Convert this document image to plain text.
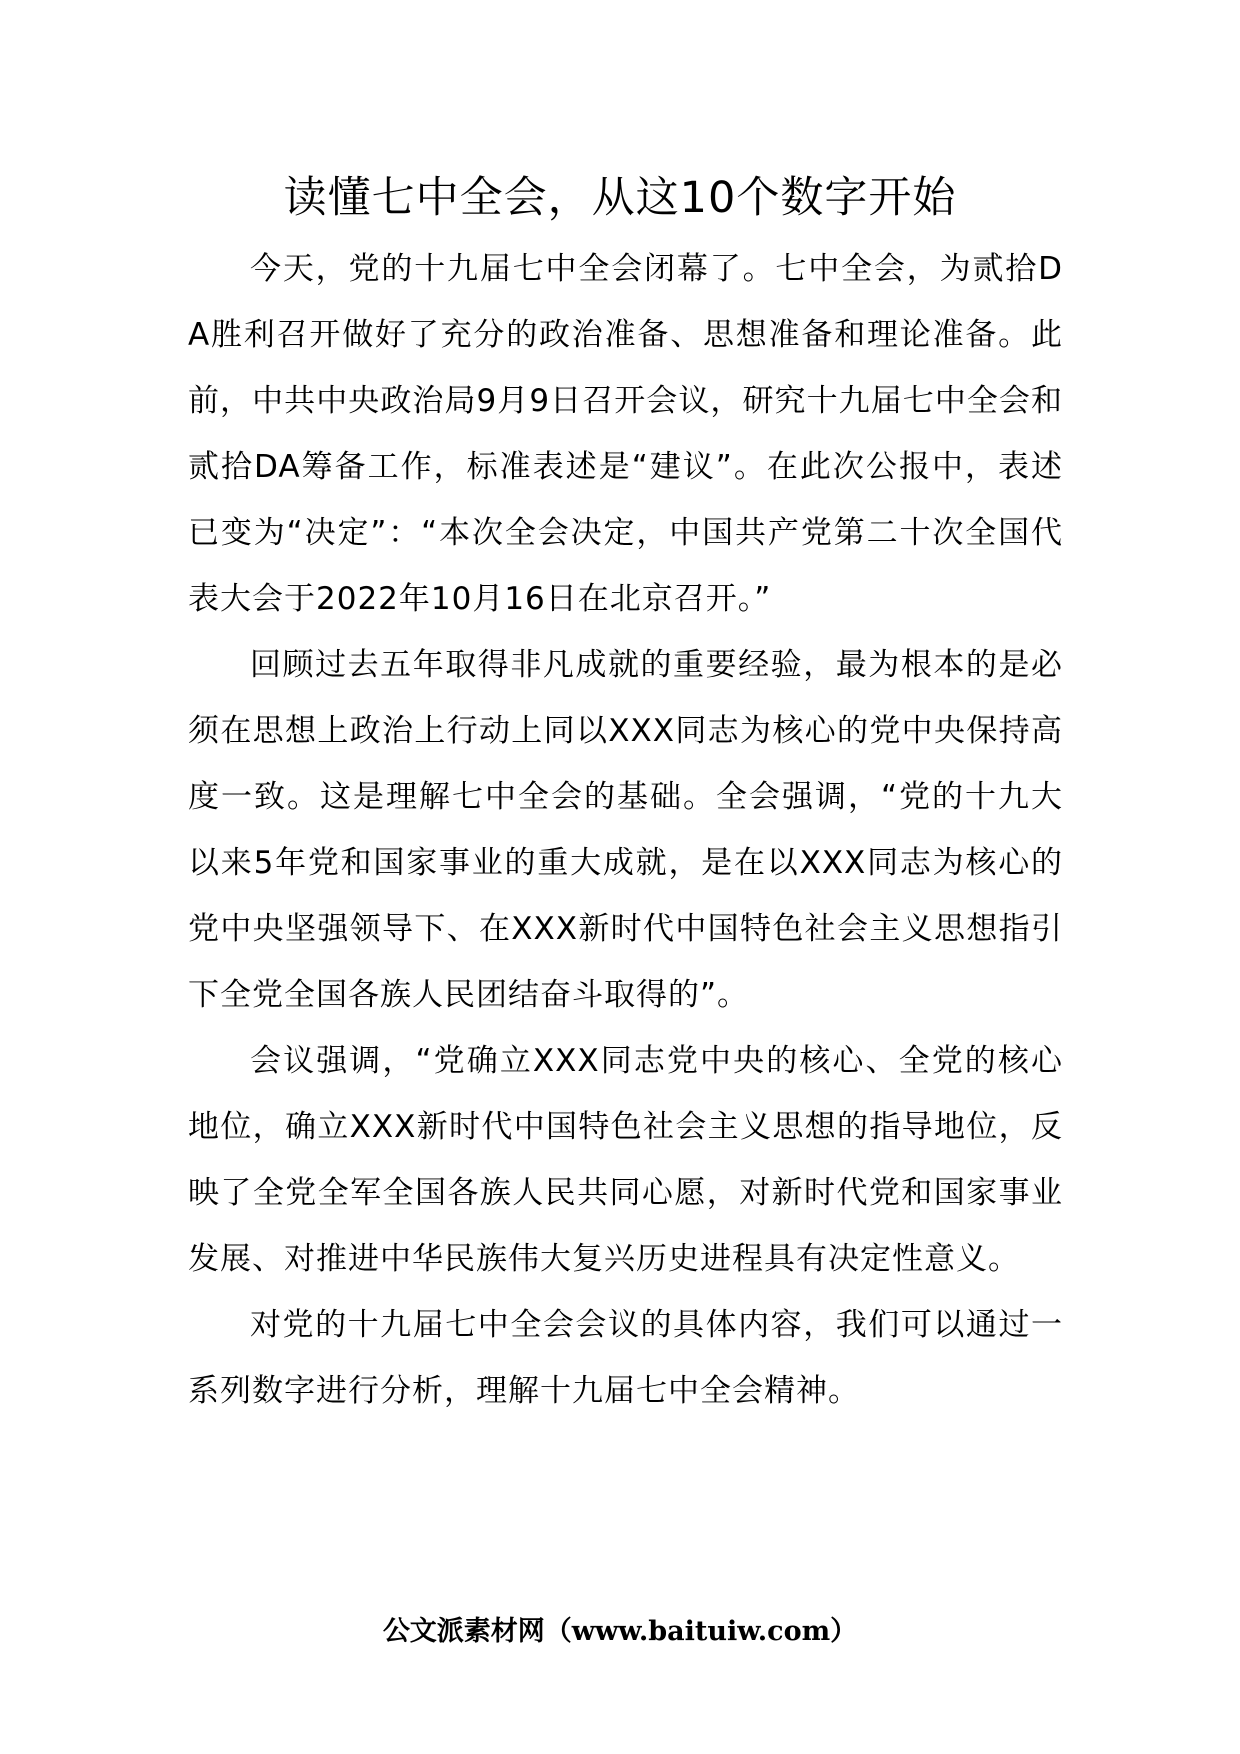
读懂七中全会，从这10个数字开始

今天，党的十九届七中全会闭幕了。七中全会，为贰拾DA胜利召开做好了充分的政治准备、思想准备和理论准备。此前，中共中央政治局9月9日召开会议，研究十九届七中全会和贰拾DA筹备工作，标准表述是“建议”。在此次公报中，表述已变为“决定”：“本次全会决定，中国共产党第二十次全国代表大会于2022年10月16日在北京召开。”

回顾过去五年取得非凡成就的重要经验，最为根本的是必须在思想上政治上行动上同以XXX同志为核心的党中央保持高度一致。这是理解七中全会的基础。全会强调，“党的十九大以来5年党和国家事业的重大成就，是在以XXX同志为核心的党中央坚强领导下、在XXX新时代中国特色社会主义思想指引下全党全国各族人民团结奋斗取得的”。

会议强调，“党确立XXX同志党中央的核心、全党的核心地位，确立XXX新时代中国特色社会主义思想的指导地位，反映了全党全军全国各族人民共同心愿，对新时代党和国家事业发展、对推进中华民族伟大复兴历史进程具有决定性意义。

对党的十九届七中全会会议的具体内容，我们可以通过一系列数字进行分析，理解十九届七中全会精神。

公文派素材网（www.baituiw.com）
